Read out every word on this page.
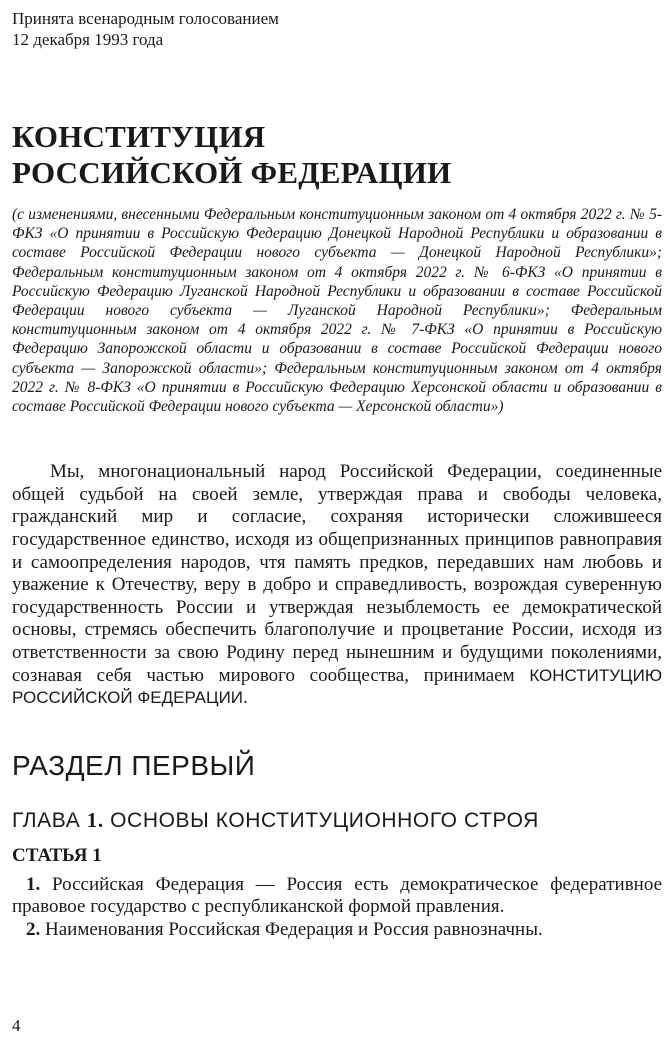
Принята всенародным голосованием
12 декабря 1993 года
КОНСТИТУЦИЯ
РОССИЙСКОЙ ФЕДЕРАЦИИ
(с изменениями, внесенными Федеральным конституционным законом от 4 октября 2022 г. № 5-ФКЗ «О принятии в Российскую Федерацию Донецкой Народной Республики и образовании в составе Российской Федерации нового субъекта — Донецкой Народной Республики»; Федеральным конституционным законом от 4 октября 2022 г. № 6-ФКЗ «О принятии в Российскую Федерацию Луганской Народной Республики и образовании в составе Российской Федерации нового субъекта — Луганской Народной Республики»; Федеральным конституционным законом от 4 октября 2022 г. № 7-ФКЗ «О принятии в Российскую Федерацию Запорожской области и образовании в составе Российской Федерации нового субъекта — Запорожской области»; Федеральным конституционным законом от 4 октября 2022 г. № 8-ФКЗ «О принятии в Российскую Федерацию Херсонской области и образовании в составе Российской Федерации нового субъекта — Херсонской области»)
Мы, многонациональный народ Российской Федерации, соединенные общей судьбой на своей земле, утверждая права и свободы человека, гражданский мир и согласие, сохраняя исторически сложившееся государственное единство, исходя из общепризнанных принципов равноправия и самоопределения народов, чтя память предков, передавших нам любовь и уважение к Отечеству, веру в добро и справедливость, возрождая суверенную государственность России и утверждая незыблемость ее демократической основы, стремясь обеспечить благополучие и процветание России, исходя из ответственности за свою Родину перед нынешним и будущими поколениями, сознавая себя частью мирового сообщества, принимаем КОНСТИТУЦИЮ РОССИЙСКОЙ ФЕДЕРАЦИИ.
РАЗДЕЛ ПЕРВЫЙ
ГЛАВА 1. ОСНОВЫ КОНСТИТУЦИОННОГО СТРОЯ
СТАТЬЯ 1
1. Российская Федерация — Россия есть демократическое федеративное правовое государство с республиканской формой правления.
2. Наименования Российская Федерация и Россия равнозначны.
4
